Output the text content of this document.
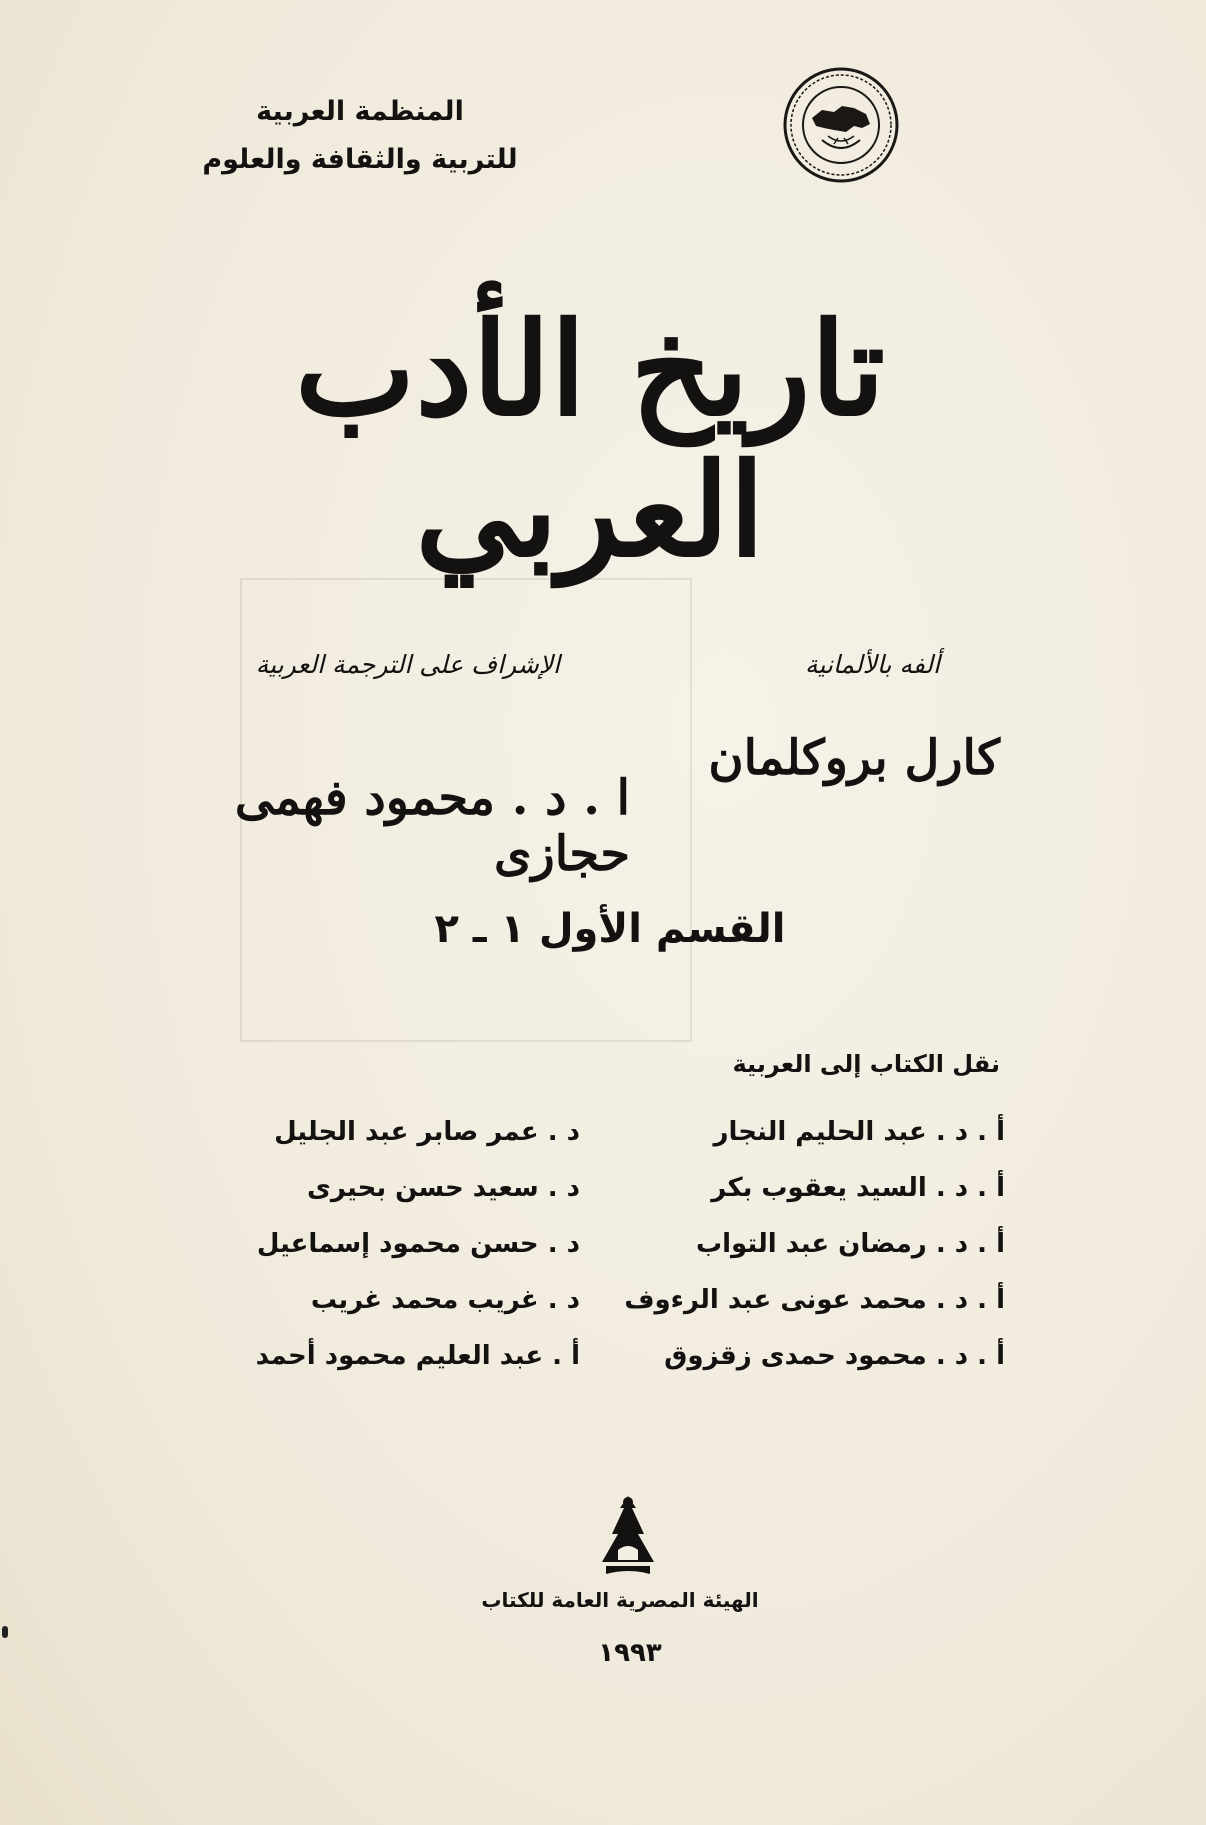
المنظمة العربية
للتربية والثقافة والعلوم
تاريخ الأدب العربي
ألفه بالألمانية
الإشراف على الترجمة العربية
كارل بروكلمان
ا . د . محمود فهمى حجازى
القسم الأول ١ ـ ٢
نقل الكتاب إلى العربية
أ . د . عبد الحليم النجار
أ . د . السيد يعقوب بكر
أ . د . رمضان عبد التواب
أ . د . محمد عونى عبد الرءوف
أ . د . محمود حمدى زقزوق
د . عمر صابر عبد الجليل
د . سعيد حسن بحيرى
د . حسن محمود إسماعيل
د . غريب محمد غريب
أ . عبد العليم محمود أحمد
الهيئة المصرية العامة للكتاب
١٩٩٣
